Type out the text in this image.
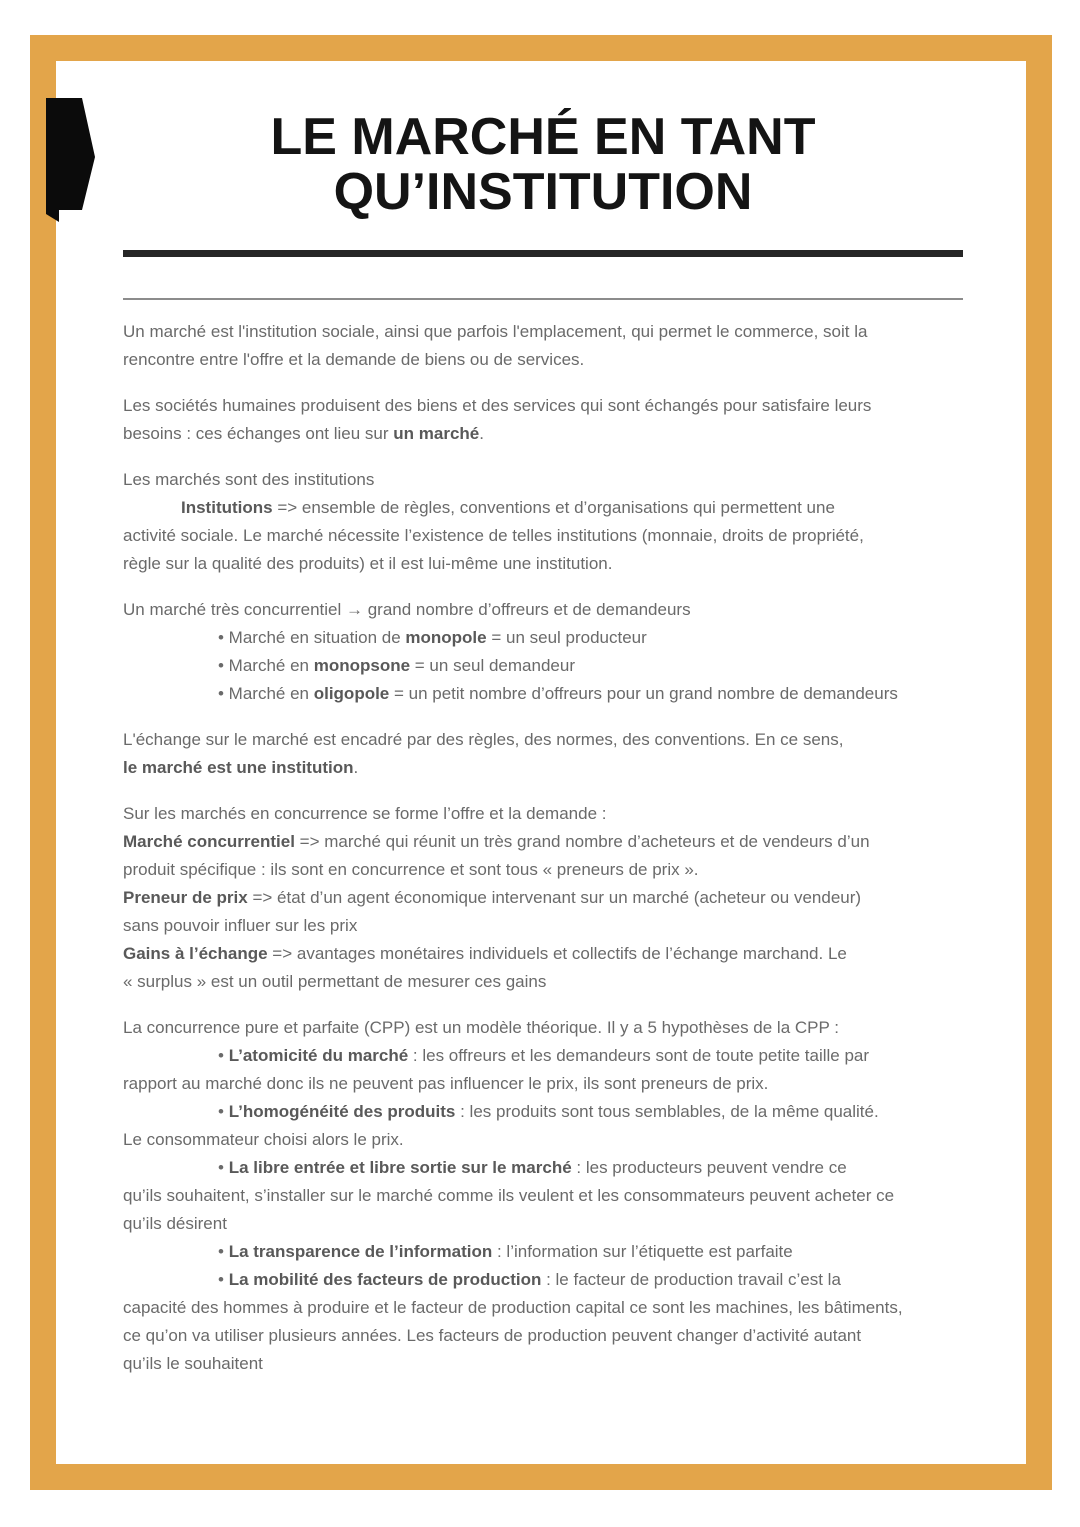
LE MARCHÉ EN TANT
QU’INSTITUTION

Un marché est l'institution sociale, ainsi que parfois l'emplacement, qui permet le commerce, soit la
rencontre entre l'offre et la demande de biens ou de services.

Les sociétés humaines produisent des biens et des services qui sont échangés pour satisfaire leurs
besoins : ces échanges ont lieu sur un marché.

Les marchés sont des institutions

Institutions => ensemble de règles, conventions et d’organisations qui permettent une
activité sociale. Le marché nécessite l’existence de telles institutions (monnaie, droits de propriété,
règle sur la qualité des produits) et il est lui-même une institution.

Un marché très concurrentiel → grand nombre d’offreurs et de demandeurs

• Marché en situation de monopole = un seul producteur

• Marché en monopsone = un seul demandeur

• Marché en oligopole = un petit nombre d’offreurs pour un grand nombre de demandeurs

L'échange sur le marché est encadré par des règles, des normes, des conventions. En ce sens,
le marché est une institution.

Sur les marchés en concurrence se forme l’offre et la demande :

Marché concurrentiel => marché qui réunit un très grand nombre d’acheteurs et de vendeurs d’un
produit spécifique : ils sont en concurrence et sont tous « preneurs de prix ».

Preneur de prix => état d’un agent économique intervenant sur un marché (acheteur ou vendeur)
sans pouvoir influer sur les prix

Gains à l’échange => avantages monétaires individuels et collectifs de l’échange marchand. Le
« surplus » est un outil permettant de mesurer ces gains

La concurrence pure et parfaite (CPP) est un modèle théorique. Il y a 5 hypothèses de la CPP :

• L’atomicité du marché : les offreurs et les demandeurs sont de toute petite taille par
rapport au marché donc ils ne peuvent pas influencer le prix, ils sont preneurs de prix.

• L’homogénéité des produits : les produits sont tous semblables, de la même qualité.
Le consommateur choisi alors le prix.

• La libre entrée et libre sortie sur le marché : les producteurs peuvent vendre ce
qu’ils souhaitent, s’installer sur le marché comme ils veulent et les consommateurs peuvent acheter ce
qu’ils désirent

• La transparence de l’information : l’information sur l’étiquette est parfaite

• La mobilité des facteurs de production : le facteur de production travail c’est la
capacité des hommes à produire et le facteur de production capital ce sont les machines, les bâtiments,
ce qu’on va utiliser plusieurs années. Les facteurs de production peuvent changer d’activité autant
qu’ils le souhaitent
